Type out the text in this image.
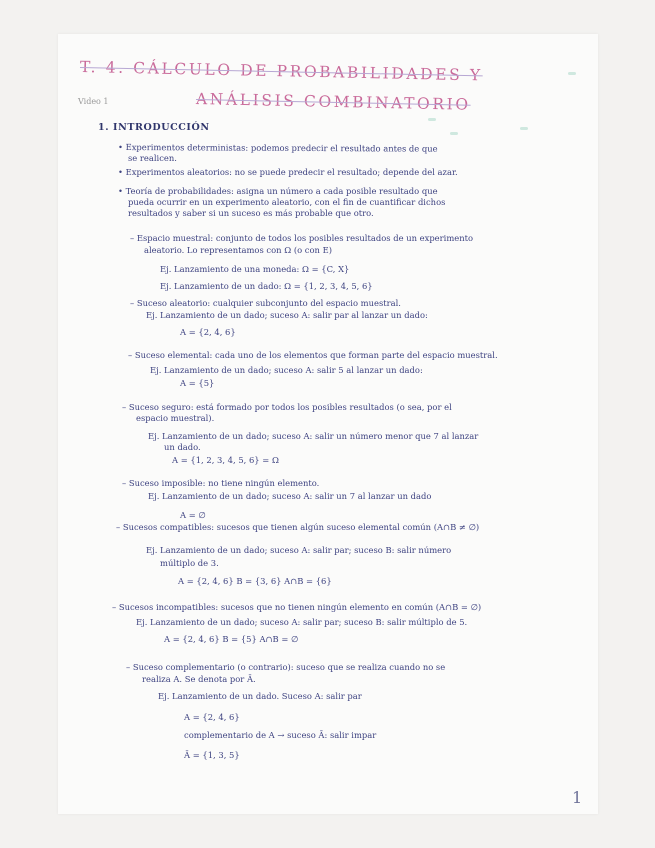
T. 4. CÁLCULO DE PROBABILIDADES Y
ANÁLISIS COMBINATORIO
Video 1
1. INTRODUCCIÓN
• Experimentos deterministas: podemos predecir el resultado antes de que
se realicen.
• Experimentos aleatorios: no se puede predecir el resultado; depende del azar.
• Teoría de probabilidades: asigna un número a cada posible resultado que
pueda ocurrir en un experimento aleatorio, con el fin de cuantificar dichos
resultados y saber si un suceso es más probable que otro.
– Espacio muestral: conjunto de todos los posibles resultados de un experimento
aleatorio. Lo representamos con Ω (o con E)
Ej. Lanzamiento de una moneda: Ω = {C, X}
Ej. Lanzamiento de un dado: Ω = {1, 2, 3, 4, 5, 6}
– Suceso aleatorio: cualquier subconjunto del espacio muestral.
Ej. Lanzamiento de un dado; suceso A: salir par al lanzar un dado:
A = {2, 4, 6}
– Suceso elemental: cada uno de los elementos que forman parte del espacio muestral.
Ej. Lanzamiento de un dado; suceso A: salir 5 al lanzar un dado:
A = {5}
– Suceso seguro: está formado por todos los posibles resultados (o sea, por el
espacio muestral).
Ej. Lanzamiento de un dado; suceso A: salir un número menor que 7 al lanzar
un dado.
A = {1, 2, 3, 4, 5, 6} = Ω
– Suceso imposible: no tiene ningún elemento.
Ej. Lanzamiento de un dado; suceso A: salir un 7 al lanzar un dado
A = ∅
– Sucesos compatibles: sucesos que tienen algún suceso elemental común (A∩B ≠ ∅)
Ej. Lanzamiento de un dado; suceso A: salir par; suceso B: salir número
múltiplo de 3.
A = {2, 4, 6} B = {3, 6} A∩B = {6}
– Sucesos incompatibles: sucesos que no tienen ningún elemento en común (A∩B = ∅)
Ej. Lanzamiento de un dado; suceso A: salir par; suceso B: salir múltiplo de 5.
A = {2, 4, 6} B = {5} A∩B = ∅
– Suceso complementario (o contrario): suceso que se realiza cuando no se
realiza A. Se denota por Ā.
Ej. Lanzamiento de un dado. Suceso A: salir par
A = {2, 4, 6}
complementario de A → suceso Ā: salir impar
Ā = {1, 3, 5}
1
